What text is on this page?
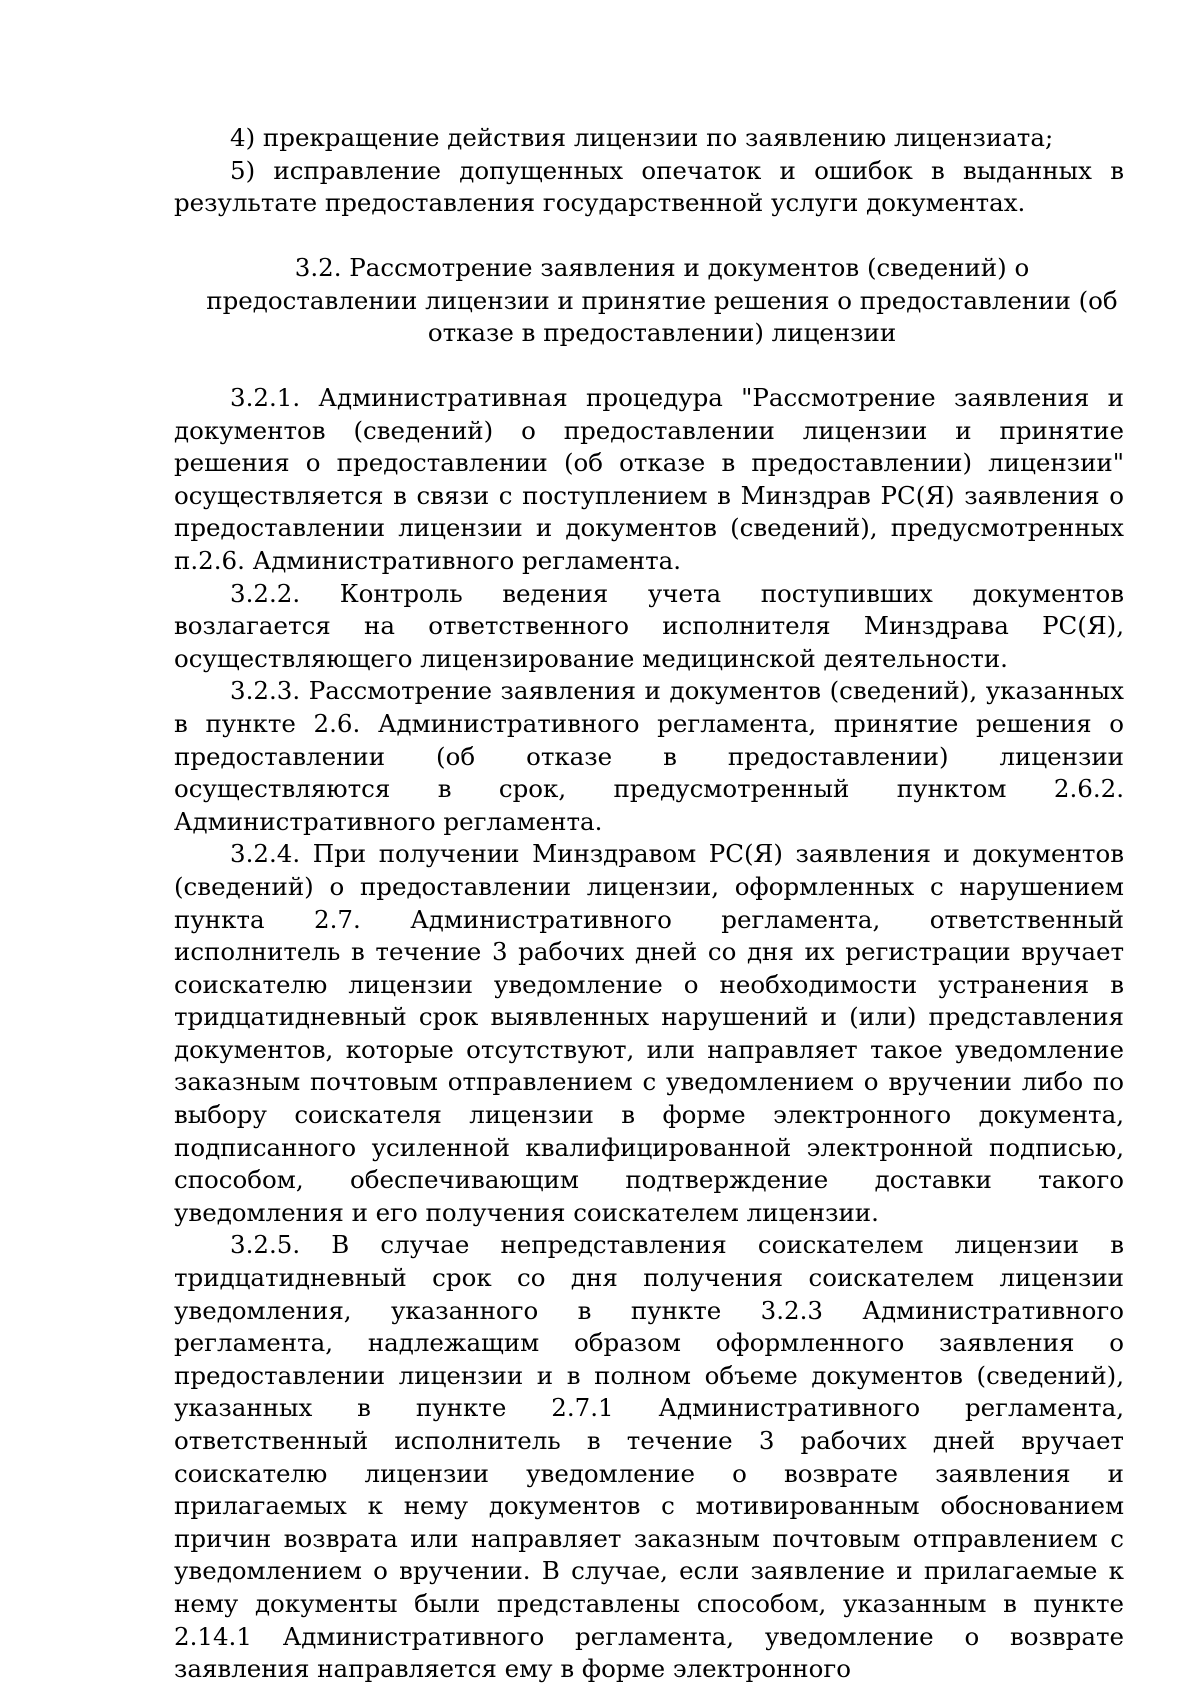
4) прекращение действия лицензии по заявлению лицензиата;

5) исправление допущенных опечаток и ошибок в выданных в результате предоставления государственной услуги документах.

3.2. Рассмотрение заявления и документов (сведений) о предоставлении лицензии и принятие решения о предоставлении (об отказе в предоставлении) лицензии

3.2.1. Административная процедура "Рассмотрение заявления и документов (сведений) о предоставлении лицензии и принятие решения о предоставлении (об отказе в предоставлении) лицензии" осуществляется в связи с поступлением в Минздрав РС(Я) заявления о предоставлении лицензии и документов (сведений), предусмотренных п.2.6. Административного регламента.

3.2.2. Контроль ведения учета поступивших документов возлагается на ответственного исполнителя Минздрава РС(Я), осуществляющего лицензирование медицинской деятельности.

3.2.3. Рассмотрение заявления и документов (сведений), указанных в пункте 2.6. Административного регламента, принятие решения о предоставлении (об отказе в предоставлении) лицензии осуществляются в срок, предусмотренный пунктом 2.6.2. Административного регламента.

3.2.4. При получении Минздравом РС(Я) заявления и документов (сведений) о предоставлении лицензии, оформленных с нарушением пункта 2.7. Административного регламента, ответственный исполнитель в течение 3 рабочих дней со дня их регистрации вручает соискателю лицензии уведомление о необходимости устранения в тридцатидневный срок выявленных нарушений и (или) представления документов, которые отсутствуют, или направляет такое уведомление заказным почтовым отправлением с уведомлением о вручении либо по выбору соискателя лицензии в форме электронного документа, подписанного усиленной квалифицированной электронной подписью, способом, обеспечивающим подтверждение доставки такого уведомления и его получения соискателем лицензии.

3.2.5. В случае непредставления соискателем лицензии в тридцатидневный срок со дня получения соискателем лицензии уведомления, указанного в пункте 3.2.3 Административного регламента, надлежащим образом оформленного заявления о предоставлении лицензии и в полном объеме документов (сведений), указанных в пункте 2.7.1 Административного регламента, ответственный исполнитель в течение 3 рабочих дней вручает соискателю лицензии уведомление о возврате заявления и прилагаемых к нему документов с мотивированным обоснованием причин возврата или направляет заказным почтовым отправлением с уведомлением о вручении. В случае, если заявление и прилагаемые к нему документы были представлены способом, указанным в пункте 2.14.1 Административного регламента, уведомление о возврате заявления направляется ему в форме электронного
